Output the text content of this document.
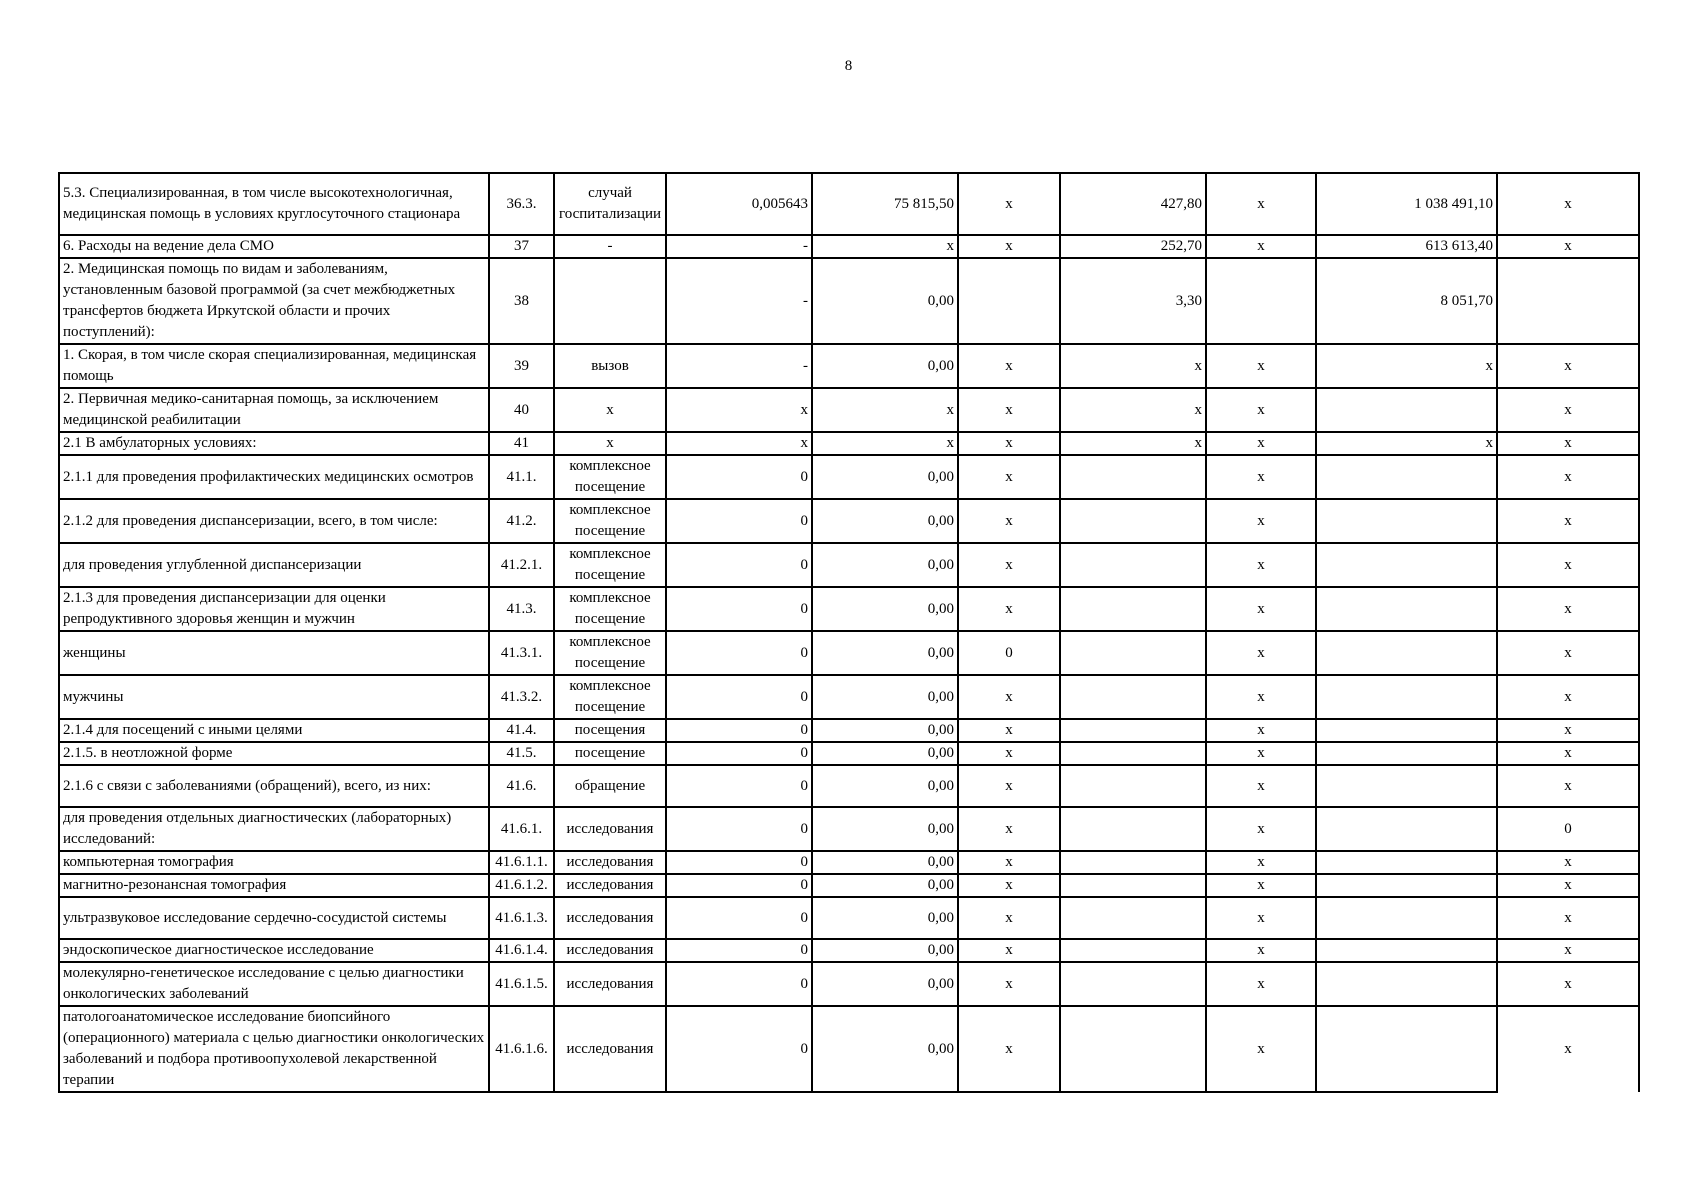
8
5.3. Специализированная, в том числе высокотехнологичная, медицинская помощь в условиях круглосуточного стационара	36.3.	случай госпитализации	0,005643	75 815,50	х	427,80	х	1 038 491,10	х
6. Расходы на ведение дела СМО	37	-	-	х	х	252,70	х	613 613,40	х
2. Медицинская помощь по видам и заболеваниям, установленным базовой программой (за счет межбюджетных трансфертов бюджета Иркутской области и прочих поступлений):	38		-	0,00		3,30		8 051,70	
1. Скорая, в том числе скорая специализированная, медицинская помощь	39	вызов	-	0,00	х	х	х	х	х
2. Первичная медико-санитарная помощь, за исключением медицинской реабилитации	40	х	х	х	х	х	х		х
2.1 В амбулаторных условиях:	41	х	х	х	х	х	х	х	х
2.1.1 для проведения профилактических медицинских осмотров	41.1.	комплексное посещение	0	0,00	х		х		х
2.1.2 для проведения диспансеризации, всего, в том числе:	41.2.	комплексное посещение	0	0,00	х		х		х
для проведения углубленной диспансеризации	41.2.1.	комплексное посещение	0	0,00	х		х		х
2.1.3 для проведения диспансеризации для оценки репродуктивного здоровья женщин и мужчин	41.3.	комплексное посещение	0	0,00	х		х		х
женщины	41.3.1.	комплексное посещение	0	0,00	0		х		х
мужчины	41.3.2.	комплексное посещение	0	0,00	х		х		х
2.1.4 для посещений с иными целями	41.4.	посещения	0	0,00	х		х		х
2.1.5. в неотложной форме	41.5.	посещение	0	0,00	х		х		х
2.1.6 с связи с заболеваниями (обращений), всего, из них:	41.6.	обращение	0	0,00	х		х		х
для проведения отдельных диагностических (лабораторных) исследований:	41.6.1.	исследования	0	0,00	х		х		0
компьютерная томография	41.6.1.1.	исследования	0	0,00	х		х		х
магнитно-резонансная томография	41.6.1.2.	исследования	0	0,00	х		х		х
ультразвуковое исследование сердечно-сосудистой системы	41.6.1.3.	исследования	0	0,00	х		х		х
эндоскопическое диагностическое исследование	41.6.1.4.	исследования	0	0,00	х		х		х
молекулярно-генетическое исследование с целью диагностики онкологических заболеваний	41.6.1.5.	исследования	0	0,00	х		х		х
патологоанатомическое исследование биопсийного (операционного) материала с целью диагностики онкологических заболеваний и подбора противоопухолевой лекарственной терапии	41.6.1.6.	исследования	0	0,00	х		х		х
